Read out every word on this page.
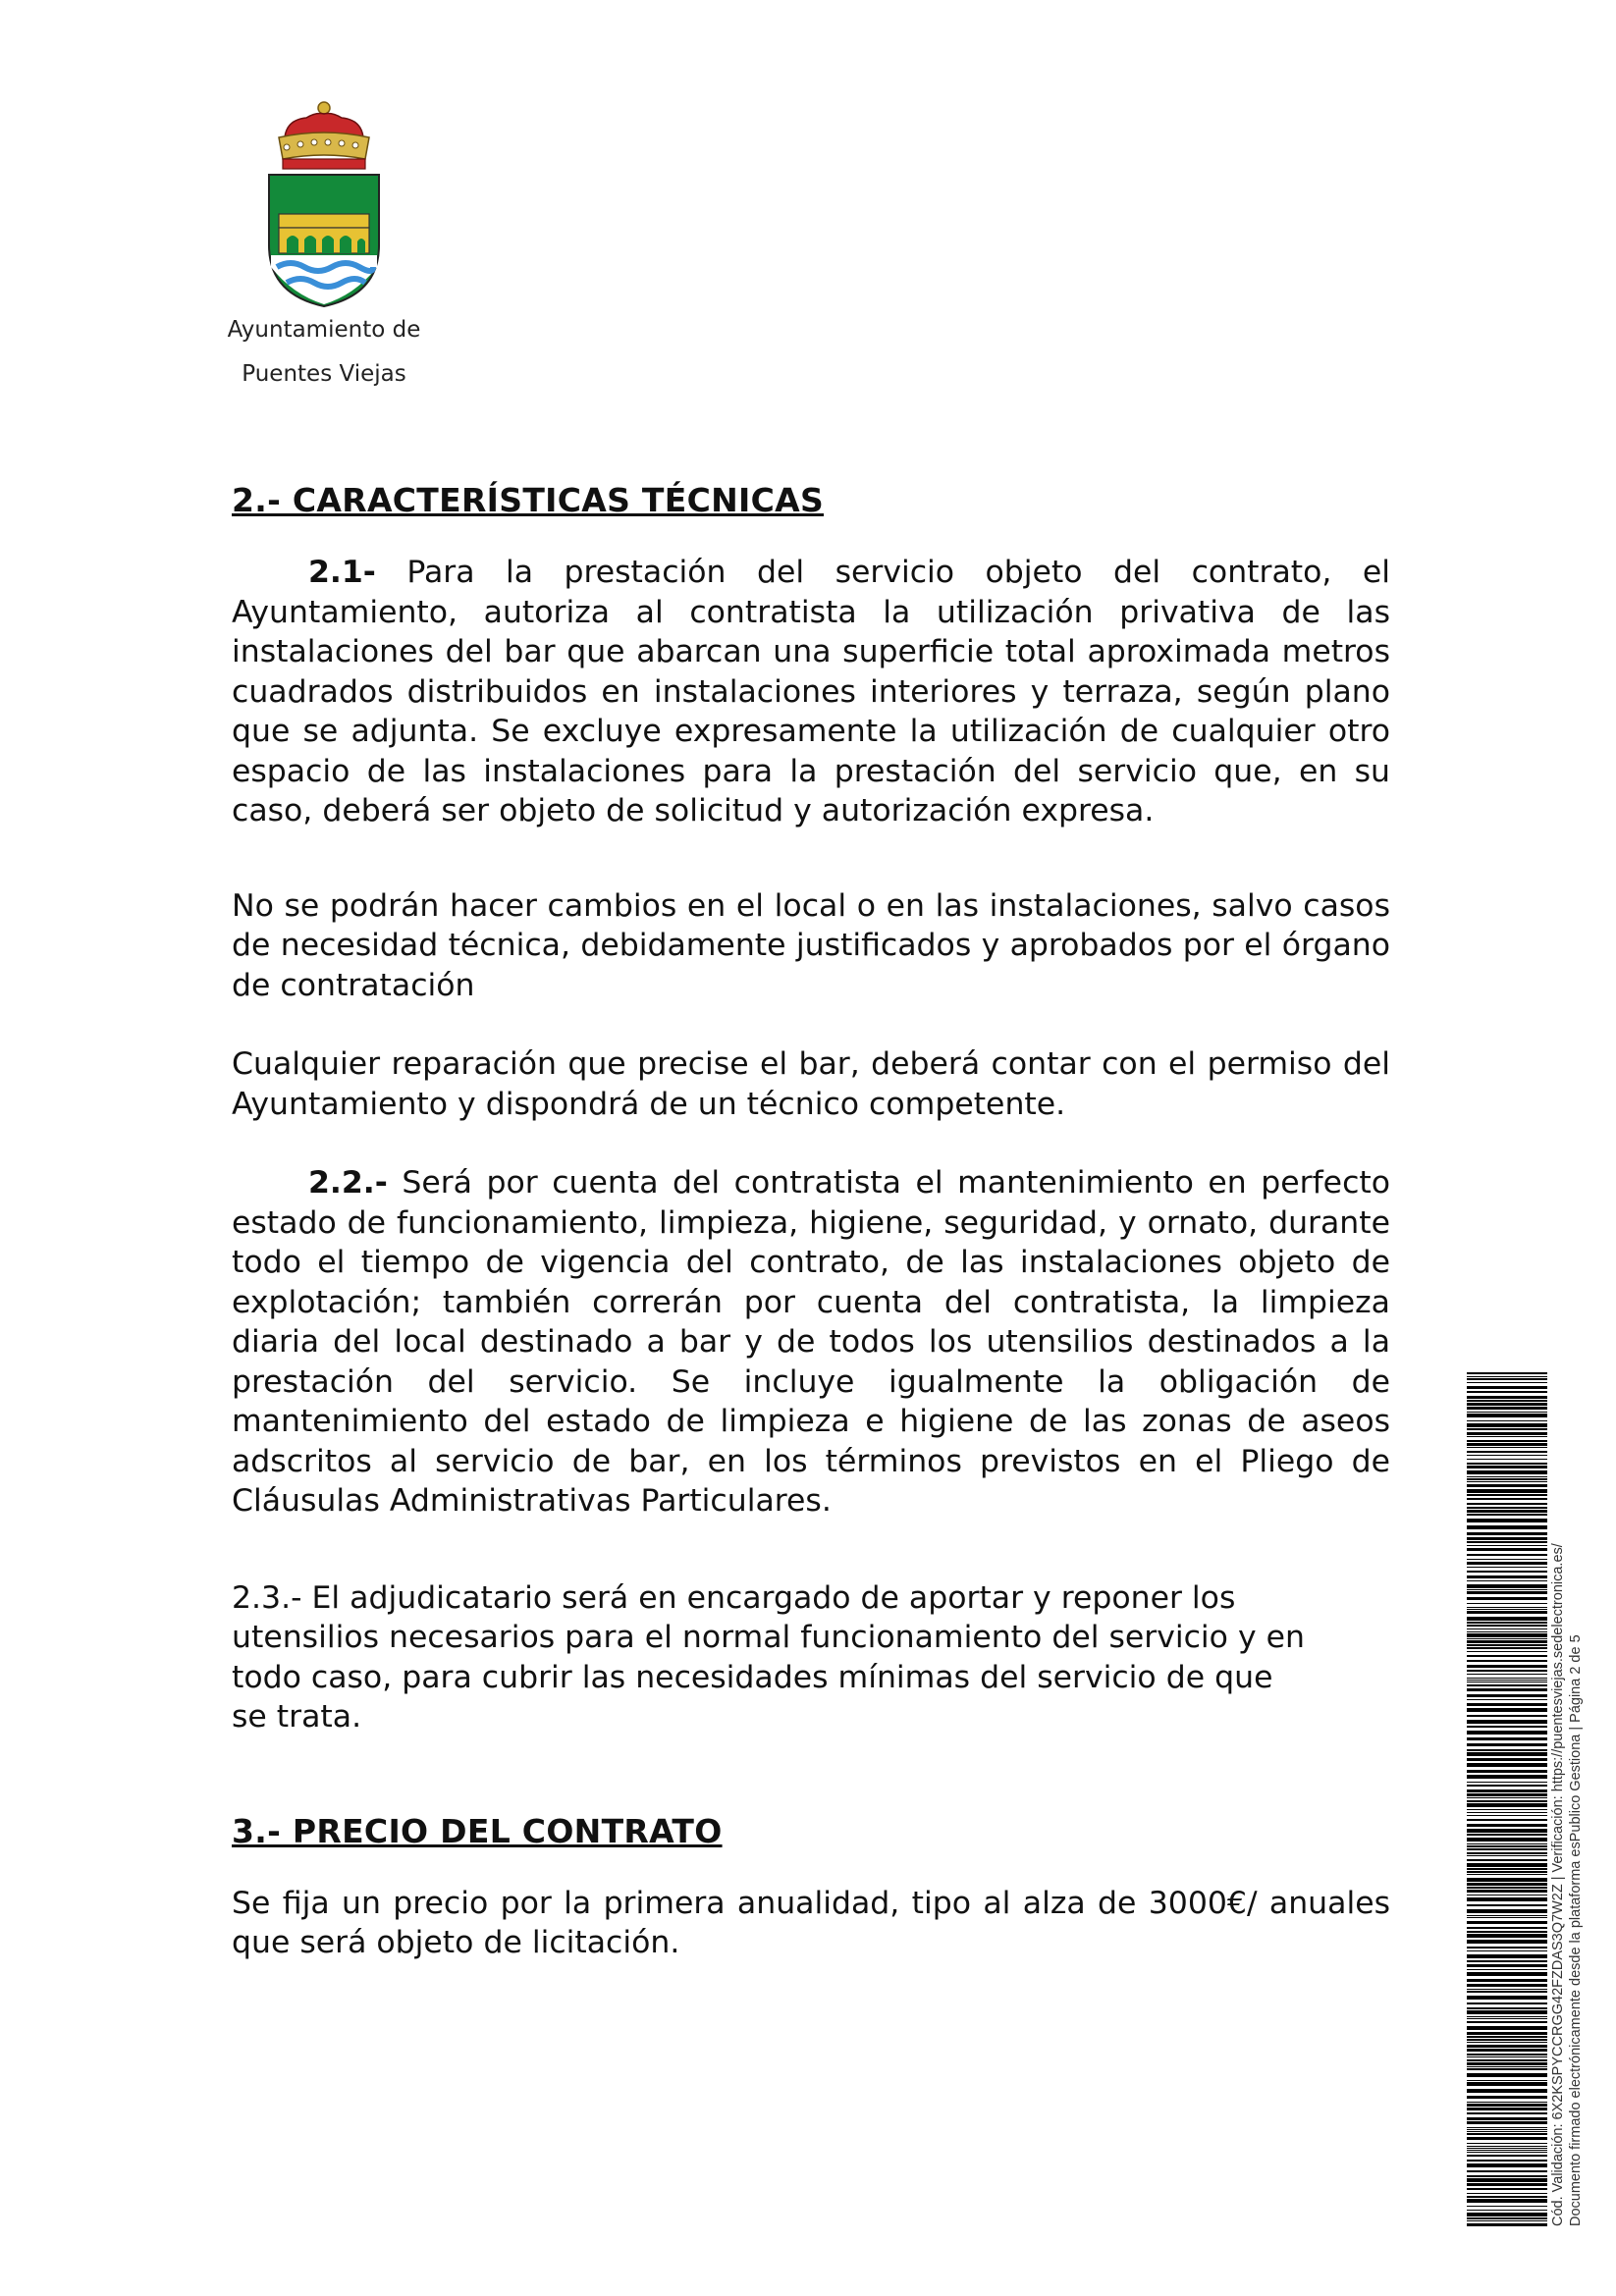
Ayuntamiento de
Puentes Viejas
2.- CARACTERÍSTICAS TÉCNICAS

2.1- Para la prestación del servicio objeto del contrato, el Ayuntamiento, autoriza al contratista la utilización privativa de las instalaciones del bar que abarcan una superficie total aproximada metros cuadrados distribuidos en instalaciones interiores y terraza, según plano que se adjunta. Se excluye expresamente la utilización de cualquier otro espacio de las instalaciones para la prestación del servicio que, en su caso, deberá ser objeto de solicitud y autorización expresa.

No se podrán hacer cambios en el local o en las instalaciones, salvo casos de necesidad técnica, debidamente justificados y aprobados por el órgano de contratación

Cualquier reparación que precise el bar, deberá contar con el permiso del Ayuntamiento y dispondrá de un técnico competente.

2.2.- Será por cuenta del contratista el mantenimiento en perfecto estado de funcionamiento, limpieza, higiene, seguridad, y ornato, durante todo el tiempo de vigencia del contrato, de las instalaciones objeto de explotación; también correrán por cuenta del contratista, la limpieza diaria del local destinado a bar y de todos los utensilios destinados a la prestación del servicio. Se incluye igualmente la obligación de mantenimiento del estado de limpieza e higiene de las zonas de aseos adscritos al servicio de bar, en los términos previstos en el Pliego de Cláusulas Administrativas Particulares.

2.3.- El adjudicatario será en encargado de aportar y reponer los utensilios necesarios para el normal funcionamiento del servicio y en todo caso, para cubrir las necesidades mínimas del servicio de que se trata.

3.- PRECIO DEL CONTRATO

Se fija un precio por la primera anualidad, tipo al alza de 3000€/ anuales que será objeto de licitación.	Cód. Validación: 6X2KSPYCCRGG42FZDAS3Q7W2Z | Verificación: https://puentesviejas.sedelectronica.es/ Documento firmado electrónicamente desde la plataforma esPublico Gestiona | Página 2 de 5
